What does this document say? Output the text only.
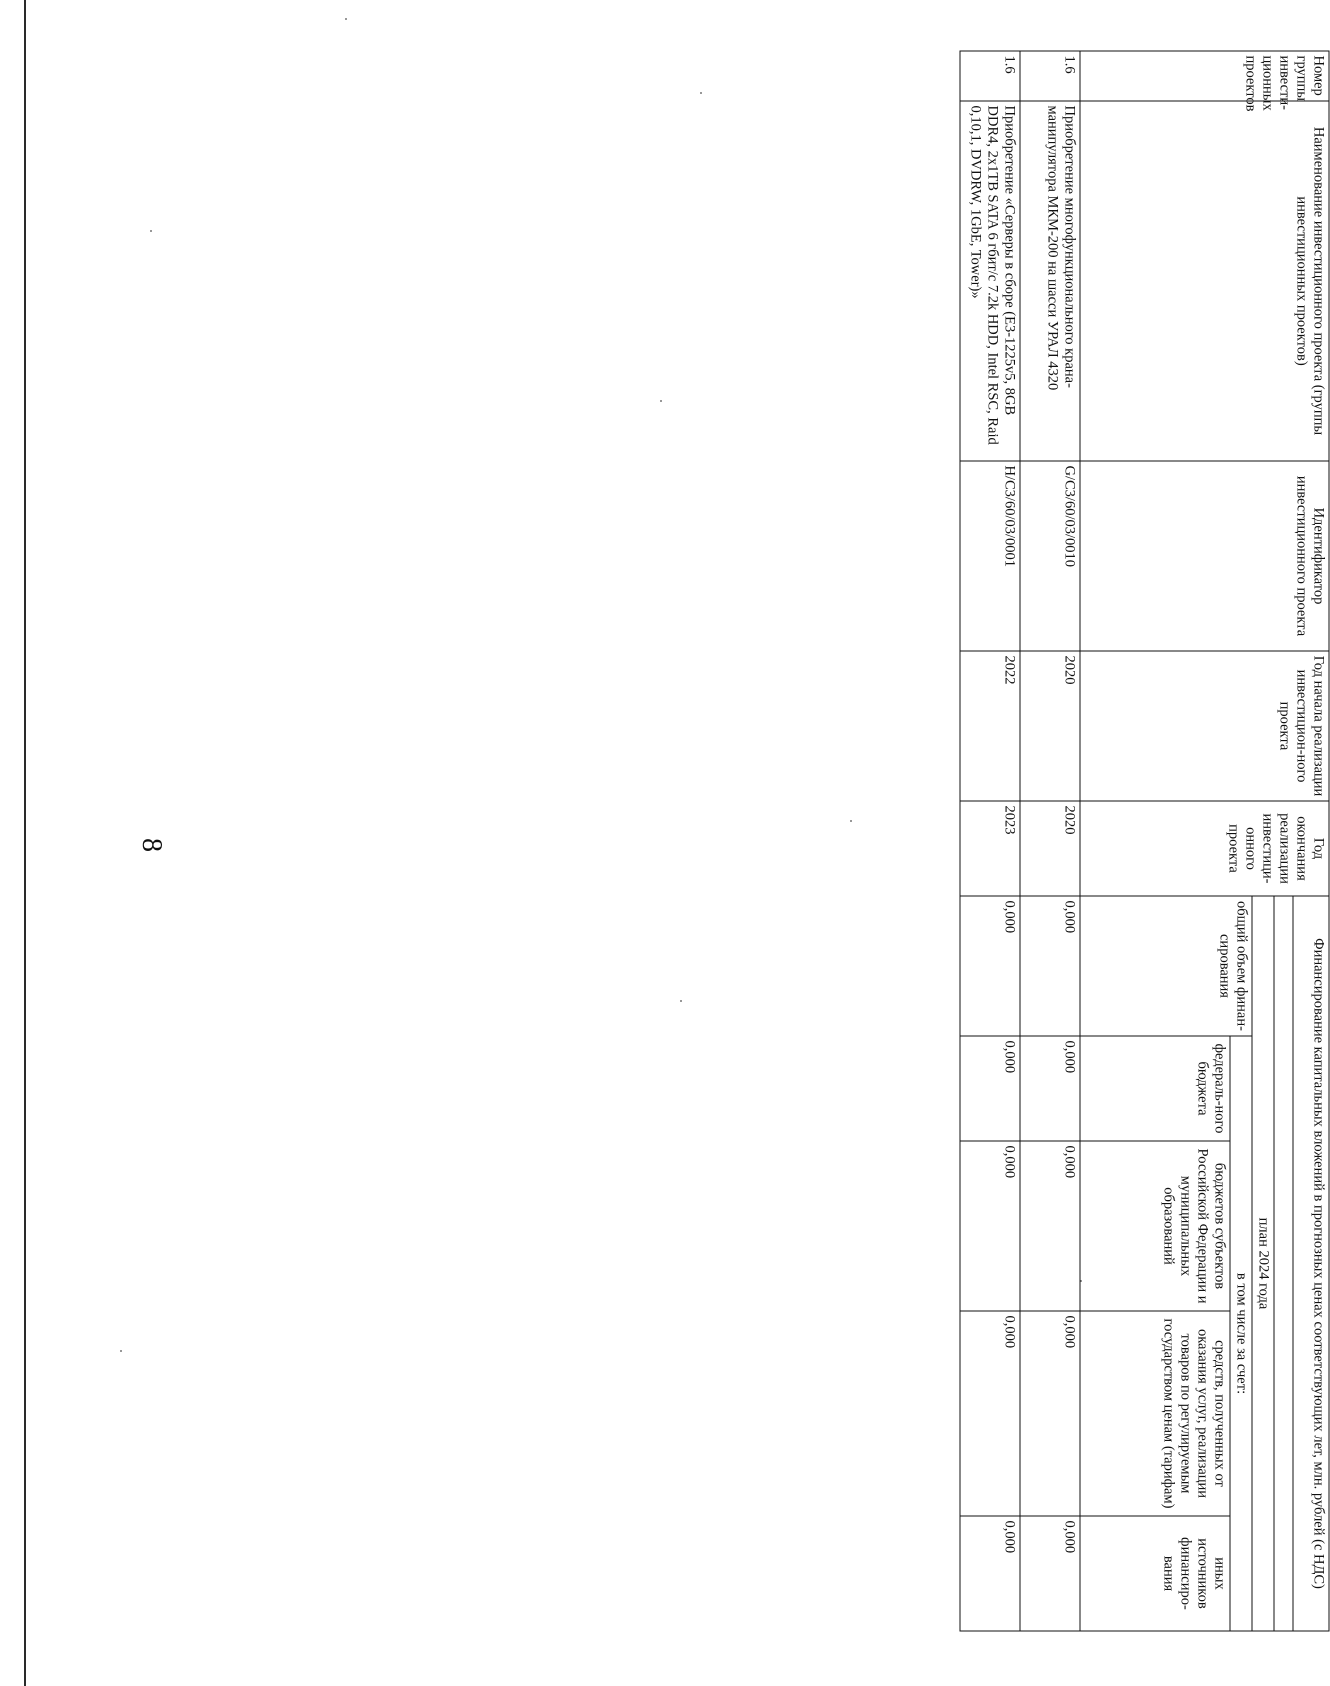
8
Номер группы инвести-ционных проектов	Наименование инвестиционного проекта (группы инвестиционных проектов)	Идентификатор инвестиционного проекта	Год начала реализации инвестицион-ного проекта	Год окончания реализации инвестици-онного проекта	Финансирование капитальных вложений в прогнозных ценах соответствующих лет, млн. рублей (с НДС)				

					план 2024 года				
					общий объем финан-сирования	в том числе за счет:			
						федераль-ного бюджета	бюджетов субъектов Российской Федерации и муниципальных образований	средств, полученных от оказания услуг, реализации товаров по регулируемым государством ценам (тарифам)	иных источников финансиро-вания
1.6	Приобретение многофункционального крана-манипулятора МКМ-200 на шасси УРАЛ 4320	G/C3/60/03/0010	2020	2020	0,000	0,000	0,000	0,000	0,000
1.6	Приобретение «Серверы в сборе (E3-1225v5, 8GB DDR4, 2x1TB SATA 6 гбит/с 7.2k HDD, Intel RSC, Raid 0,10,1, DVDRW, 1GbE, Tower)»	H/C3/60/03/0001	2022	2023	0,000	0,000	0,000	0,000	0,000
